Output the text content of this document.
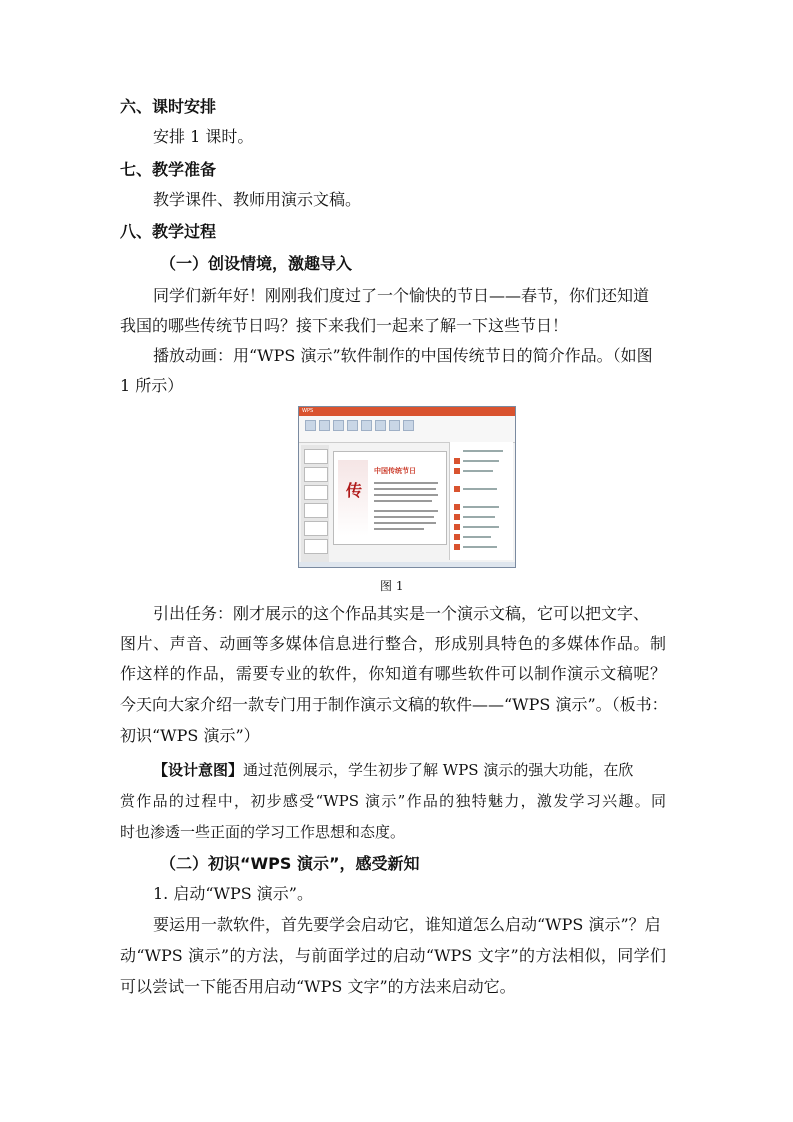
六、课时安排
安排 1 课时。
七、教学准备
教学课件、教师用演示文稿。
八、教学过程
（一）创设情境，激趣导入
同学们新年好！刚刚我们度过了一个愉快的节日——春节，你们还知道
我国的哪些传统节日吗？接下来我们一起来了解一下这些节日！
播放动画：用“WPS 演示”软件制作的中国传统节日的简介作品。（如图
1 所示）
WPS
传
中国传统节日
图 1
引出任务：刚才展示的这个作品其实是一个演示文稿，它可以把文字、
图片、声音、动画等多媒体信息进行整合，形成别具特色的多媒体作品。制
作这样的作品，需要专业的软件，你知道有哪些软件可以制作演示文稿呢？
今天向大家介绍一款专门用于制作演示文稿的软件——“WPS 演示”。（板书：
初识“WPS 演示”）
【设计意图】通过范例展示，学生初步了解 WPS 演示的强大功能，在欣
赏作品的过程中，初步感受“WPS 演示”作品的独特魅力，激发学习兴趣。同
时也渗透一些正面的学习工作思想和态度。
（二）初识“WPS 演示”，感受新知
1. 启动“WPS 演示”。
要运用一款软件，首先要学会启动它，谁知道怎么启动“WPS 演示”？启
动“WPS 演示”的方法，与前面学过的启动“WPS 文字”的方法相似，同学们
可以尝试一下能否用启动“WPS 文字”的方法来启动它。
